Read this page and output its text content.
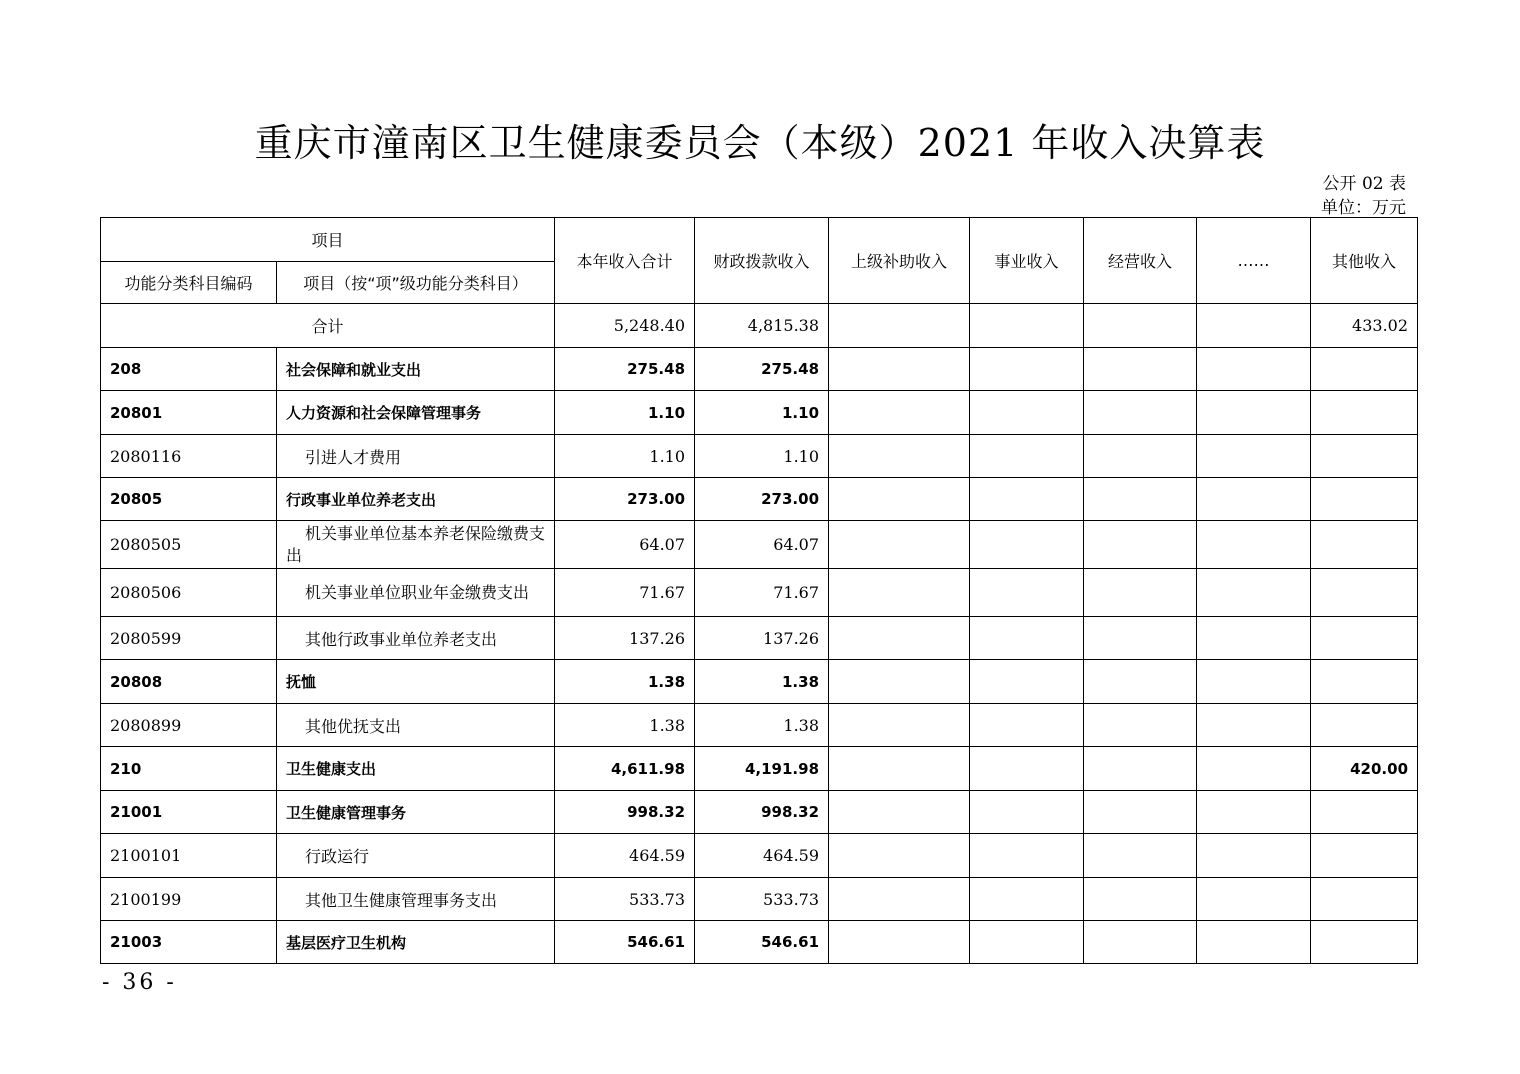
重庆市潼南区卫生健康委员会（本级）2021 年收入决算表
公开 02 表
单位：万元
项目		本年收入合计	财政拨款收入	上级补助收入	事业收入	经营收入	……	其他收入
功能分类科目编码	项目（按“项”级功能分类科目）							
合计		5,248.40	4,815.38					433.02
208	社会保障和就业支出	275.48	275.48					
20801	人力资源和社会保障管理事务	1.10	1.10					
2080116	引进人才费用	1.10	1.10					
20805	行政事业单位养老支出	273.00	273.00					
2080505	机关事业单位基本养老保险缴费支出	64.07	64.07					
2080506	机关事业单位职业年金缴费支出	71.67	71.67					
2080599	其他行政事业单位养老支出	137.26	137.26					
20808	抚恤	1.38	1.38					
2080899	其他优抚支出	1.38	1.38					
210	卫生健康支出	4,611.98	4,191.98					420.00
21001	卫生健康管理事务	998.32	998.32					
2100101	行政运行	464.59	464.59					
2100199	其他卫生健康管理事务支出	533.73	533.73					
21003	基层医疗卫生机构	546.61	546.61					
- 36 -
